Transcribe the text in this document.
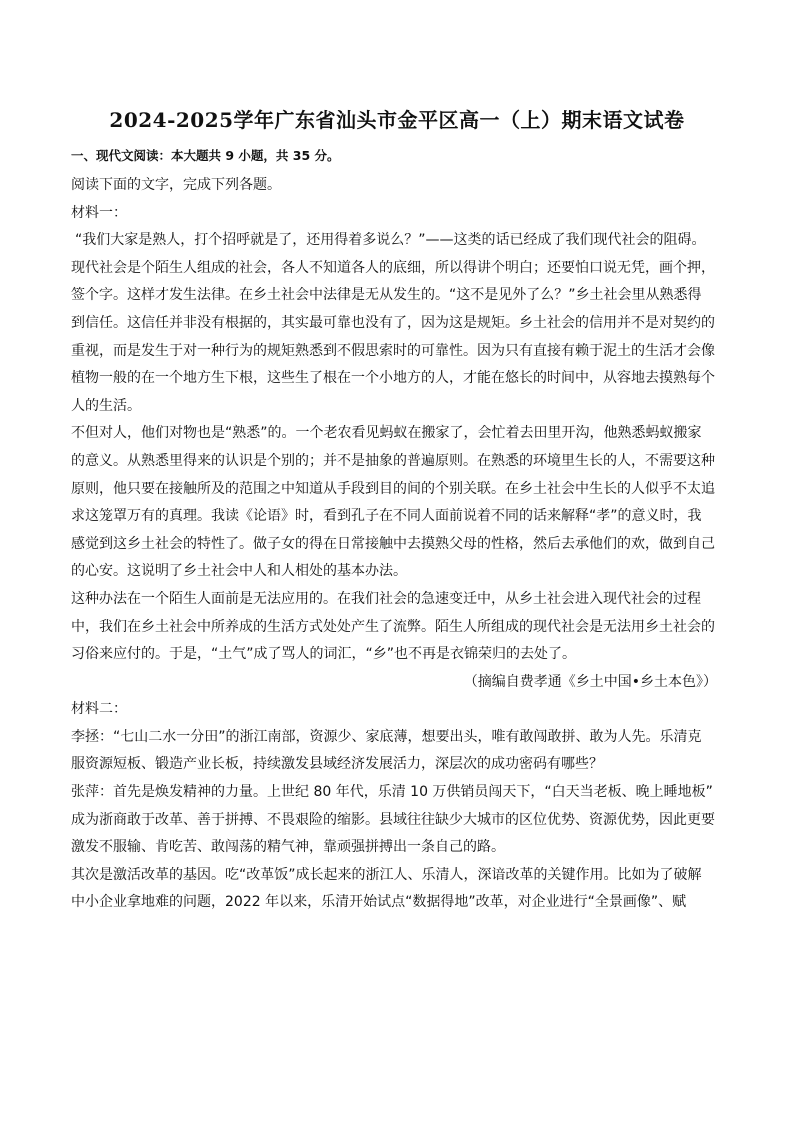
2024-2025学年广东省汕头市金平区高一（上）期末语文试卷

一、现代文阅读：本大题共 9 小题，共 35 分。

阅读下面的文字，完成下列各题。

材料一：

“我们大家是熟人，打个招呼就是了，还用得着多说么？”——这类的话已经成了我们现代社会的阻碍。

现代社会是个陌生人组成的社会，各人不知道各人的底细，所以得讲个明白；还要怕口说无凭，画个押，

签个字。这样才发生法律。在乡土社会中法律是无从发生的。“这不是见外了么？”乡土社会里从熟悉得

到信任。这信任并非没有根据的，其实最可靠也没有了，因为这是规矩。乡土社会的信用并不是对契约的

重视，而是发生于对一种行为的规矩熟悉到不假思索时的可靠性。因为只有直接有赖于泥土的生活才会像

植物一般的在一个地方生下根，这些生了根在一个小地方的人，才能在悠长的时间中，从容地去摸熟每个

人的生活。

不但对人，他们对物也是“熟悉”的。一个老农看见蚂蚁在搬家了，会忙着去田里开沟，他熟悉蚂蚁搬家

的意义。从熟悉里得来的认识是个别的；并不是抽象的普遍原则。在熟悉的环境里生长的人，不需要这种

原则，他只要在接触所及的范围之中知道从手段到目的间的个别关联。在乡土社会中生长的人似乎不太追

求这笼罩万有的真理。我读《论语》时，看到孔子在不同人面前说着不同的话来解释“孝”的意义时，我

感觉到这乡土社会的特性了。做子女的得在日常接触中去摸熟父母的性格，然后去承他们的欢，做到自己

的心安。这说明了乡土社会中人和人相处的基本办法。

这种办法在一个陌生人面前是无法应用的。在我们社会的急速变迁中，从乡土社会进入现代社会的过程

中，我们在乡土社会中所养成的生活方式处处产生了流弊。陌生人所组成的现代社会是无法用乡土社会的

习俗来应付的。于是，“土气”成了骂人的词汇，“乡”也不再是衣锦荣归的去处了。

（摘编自费孝通《乡土中国•乡土本色》）

材料二：

李拯：“七山二水一分田”的浙江南部，资源少、家底薄，想要出头，唯有敢闯敢拼、敢为人先。乐清克

服资源短板、锻造产业长板，持续激发县域经济发展活力，深层次的成功密码有哪些？

张萍：首先是焕发精神的力量。上世纪 80 年代，乐清 10 万供销员闯天下，“白天当老板、晚上睡地板”

成为浙商敢于改革、善于拼搏、不畏艰险的缩影。县域往往缺少大城市的区位优势、资源优势，因此更要

激发不服输、肯吃苦、敢闯荡的精气神，靠顽强拼搏出一条自己的路。

其次是激活改革的基因。吃“改革饭”成长起来的浙江人、乐清人，深谙改革的关键作用。比如为了破解

中小企业拿地难的问题，2022 年以来，乐清开始试点“数据得地”改革，对企业进行“全景画像”、赋
